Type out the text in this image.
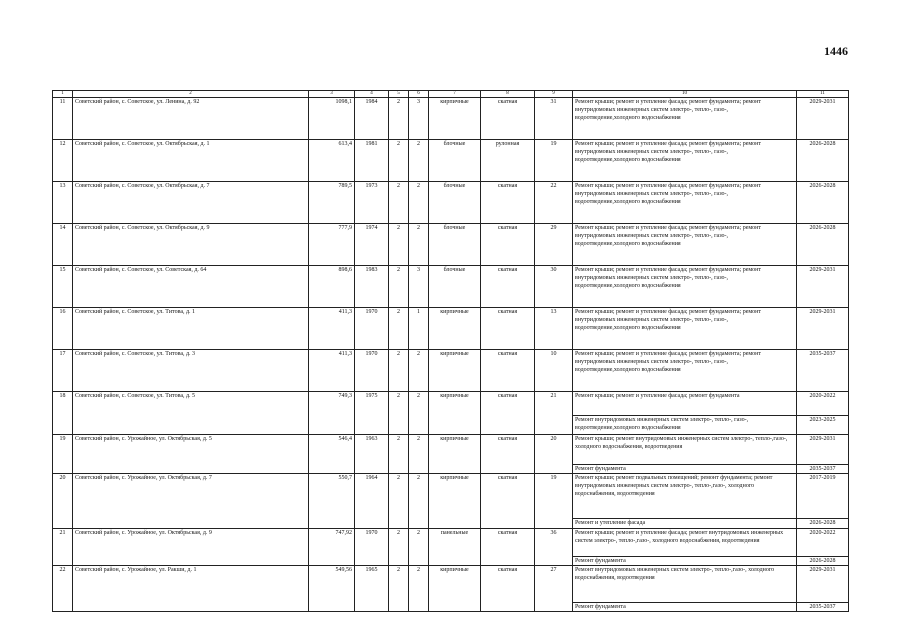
1446
1	2	3	4	5	6	7	8	9	10	11
11	Советский район, с. Советское, ул. Ленина, д. 92	1098,1	1984	2	3	кирпичные	скатная	31	Ремонт крыши; ремонт и утепление фасада; ремонт фундамента; ремонт внутридомовых инженерных систем электро-, тепло-, газо-, водоотведение,холодного водоснабжения	2029-2031
12	Советский район, с. Советское, ул. Октябрьская, д. 1	613,4	1981	2	2	блочные	рулонная	19	Ремонт крыши; ремонт и утепление фасада; ремонт фундамента; ремонт внутридомовых инженерных систем электро-, тепло-, газо-, водоотведение,холодного водоснабжения	2026-2028
13	Советский район, с. Советское, ул. Октябрьская, д. 7	789,5	1973	2	2	блочные	скатная	22	Ремонт крыши; ремонт и утепление фасада; ремонт фундамента; ремонт внутридомовых инженерных систем электро-, тепло-, газо-, водоотведение,холодного водоснабжения	2026-2028
14	Советский район, с. Советское, ул. Октябрьская, д. 9	777,9	1974	2	2	блочные	скатная	29	Ремонт крыши; ремонт и утепление фасада; ремонт фундамента; ремонт внутридомовых инженерных систем электро-, тепло-, газо-, водоотведение,холодного водоснабжения	2026-2028
15	Советский район, с. Советское, ул. Советская, д. 64	898,6	1983	2	3	блочные	скатная	30	Ремонт крыши; ремонт и утепление фасада; ремонт фундамента; ремонт внутридомовых инженерных систем электро-, тепло-, газо-, водоотведение,холодного водоснабжения	2029-2031
16	Советский район, с. Советское, ул. Титова, д. 1	411,3	1970	2	1	кирпичные	скатная	13	Ремонт крыши; ремонт и утепление фасада; ремонт фундамента; ремонт внутридомовых инженерных систем электро-, тепло-, газо-, водоотведение,холодного водоснабжения	2029-2031
17	Советский район, с. Советское, ул. Титова, д. 3	411,3	1970	2	2	кирпичные	скатная	10	Ремонт крыши; ремонт и утепление фасада; ремонт фундамента; ремонт внутридомовых инженерных систем электро-, тепло-, газо-, водоотведение,холодного водоснабжения	2035-2037
18	Советский район, с. Советское, ул. Титова, д. 5	749,3	1975	2	2	кирпичные	скатная	21	Ремонт крыши; ремонт и утепление фасада; ремонт фундамента	2020-2022
									Ремонт внутридомовых инженерных систем электро-, тепло-, газо-, водоотведение,холодного водоснабжения	2023-2025
19	Советский район, с. Урожайное, ул. Октябрьская, д. 5	546,4	1963	2	2	кирпичные	скатная	20	Ремонт крыши; ремонт внутридомовых инженерных систем электро-, тепло-,газо-, холодного водоснабжения, водоотведения	2029-2031
									Ремонт фундамента	2035-2037
20	Советский район, с. Урожайное, ул. Октябрьская, д. 7	550,7	1964	2	2	кирпичные	скатная	19	Ремонт крыши; ремонт подвальных помещений; ремонт фундамента; ремонт внутридомовых инженерных систем электро-, тепло-,газо-, холодного водоснабжения, водоотведения	2017-2019
									Ремонт и утепление фасада	2026-2028
21	Советский район, с. Урожайное, ул. Октябрьская, д. 9	747,92	1970	2	2	панельные	скатная	36	Ремонт крыши; ремонт и утепление фасада; ремонт внутридомовых инженерных систем электро-, тепло-,газо-, холодного водоснабжения, водоотведения	2020-2022
									Ремонт фундамента	2026-2028
22	Советский район, с. Урожайное, ул. Ракши, д. 1	549,56	1965	2	2	кирпичные	скатная	27	Ремонт внутридомовых инженерных систем электро-, тепло-,газо-, холодного водоснабжения, водоотведения	2029-2031
									Ремонт фундамента	2035-2037
